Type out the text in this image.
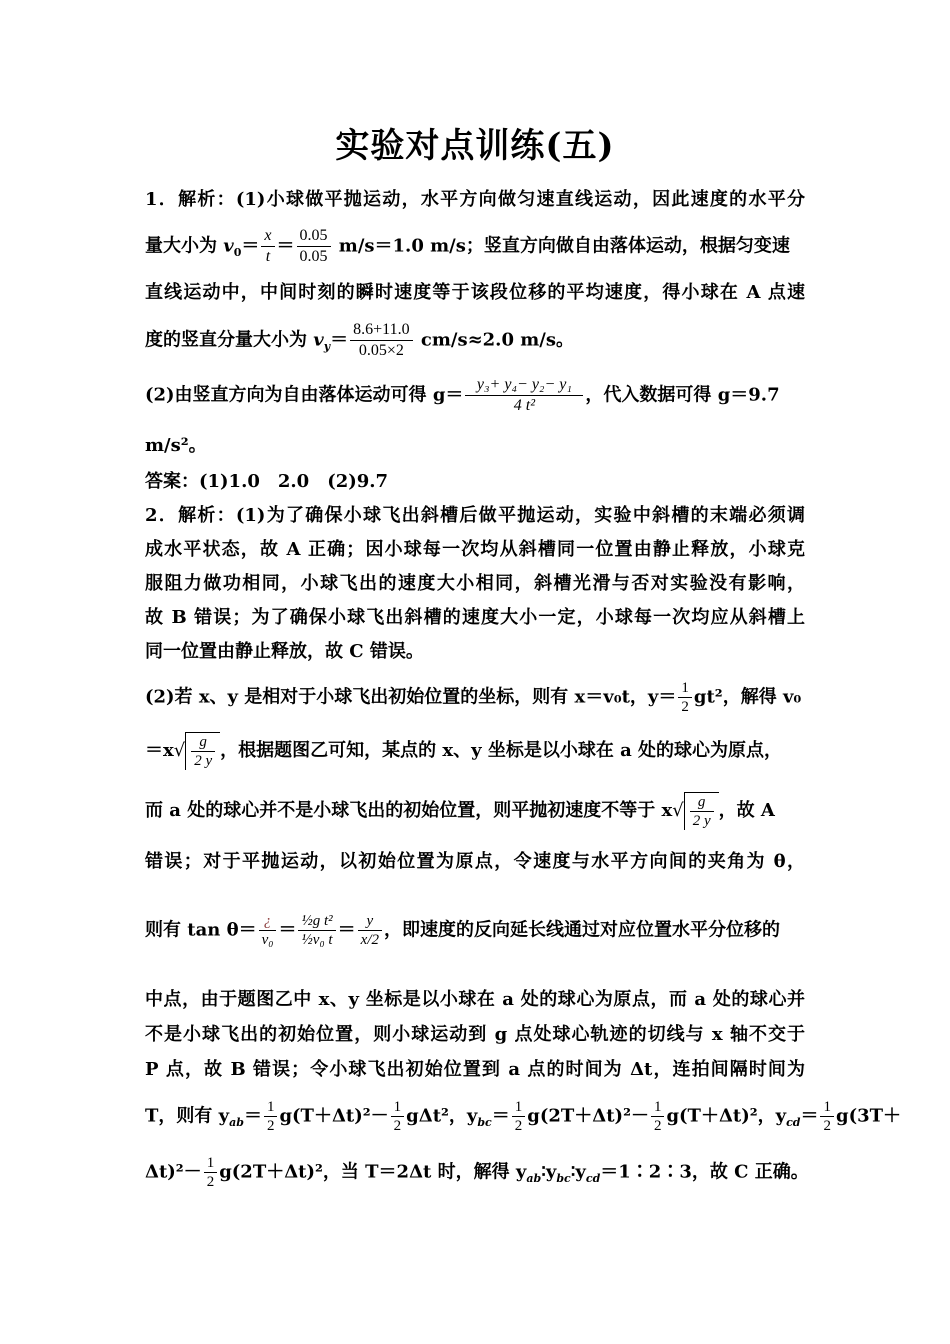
实验对点训练(五)
1．解析：(1)小球做平抛运动，水平方向做匀速直线运动，因此速度的水平分
量大小为 $v_0= \frac{x}{t} = \frac{0.05}{0.05} m/s=1.0$ m/s；竖直方向做自由落体运动，根据匀变速
直线运动中，中间时刻的瞬时速度等于该段位移的平均速度，得小球在 A 点速
度的竖直分量大小为 $v_y= \frac{8.6+11.0}{0.05\times 2} cm/s\approx 2.0$ m/s。
(2)由竖直方向为自由落体运动可得 $g= \frac{\text{y₃+ y₄− y₂− y₁}}{\text{4 t²}}$ ，代入数据可得 g＝9.7
m/s²。
答案：(1)1.0　2.0　(2)9.7
2．解析：(1)为了确保小球飞出斜槽后做平抛运动，实验中斜槽的末端必须调
成水平状态，故 A 正确；因小球每一次均从斜槽同一位置由静止释放，小球克
服阻力做功相同，小球飞出的速度大小相同，斜槽光滑与否对实验没有影响，
故 B 错误；为了确保小球飞出斜槽的速度大小一定，小球每一次均应从斜槽上
同一位置由静止释放，故 C 错误。
(2)若 x、y 是相对于小球飞出初始位置的坐标，则有 x＝v₀t，$y= \frac{1}{2} gt^2$，解得 v₀
$=x√ \frac{g}{2 y}$ ，根据题图乙可知，某点的 x、y 坐标是以小球在 a 处的球心为原点，
而 a 处的球心并不是小球飞出的初始位置，则平抛初速度不等于 $x√ \frac{g}{2 y}$ ，故 A
错误；对于平抛运动，以初始位置为原点，令速度与水平方向间的夹角为 θ，
则有 $\tan \theta= \frac{¿}{\text{v₀}} = \frac{\text{½g t²}}{\text{½v₀ t}} = \frac{y}{x/2}$ ，即速度的反向延长线通过对应位置水平分位移的
中点，由于题图乙中 x、y 坐标是以小球在 a 处的球心为原点，而 a 处的球心并
不是小球飞出的初始位置，则小球运动到 g 点处球心轨迹的切线与 x 轴不交于
P 点，故 B 错误；令小球飞出初始位置到 a 点的时间为 Δt，连拍间隔时间为
T，则有 $y_{ab}= \frac{1}{2} g(T+\Delta t)^2- \frac{1}{2} g\Delta t^2$，$y_{bc}= \frac{1}{2} g(2T+\Delta t)^2- \frac{1}{2} g(T+\Delta t)^2$，$y_{cd}= \frac{1}{2} g(3T+$
$\Delta t)^2- \frac{1}{2} g(2T+\Delta t)^2$，当 T＝2Δt 时，解得 $y_{ab}∶y_{bc}∶y_{cd}=1∶2∶3$，故 C 正确。
